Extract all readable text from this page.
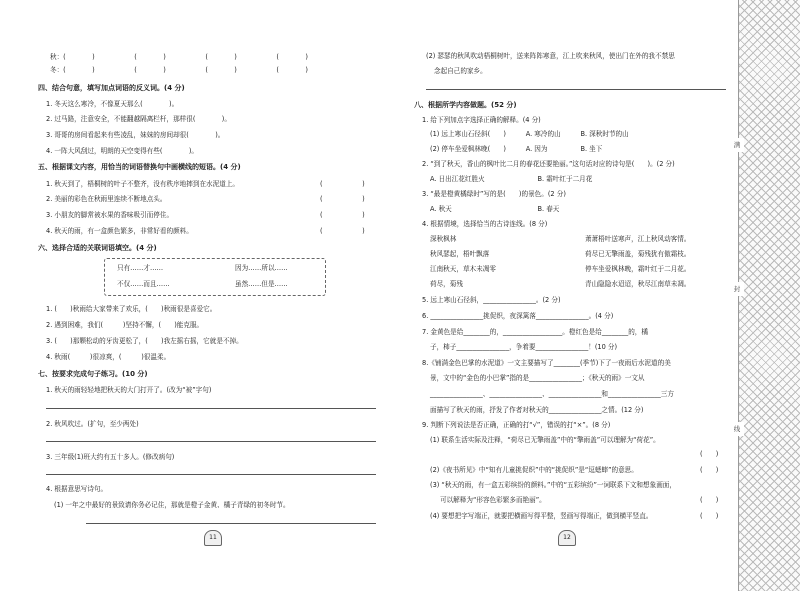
秋：(　　　　)　　　　　　(　　　　)　　　　　　(　　　　)　　　　　　(　　　　)
冬：(　　　　)　　　　　　(　　　　)　　　　　　(　　　　)　　　　　　(　　　　)
四、结合句意，填写加点词语的反义词。(4 分)
1. 冬天这么寒冷，不像夏天那么(　　　　)。
2. 过马路，注意安全，不能翻越隔离栏杆，那样很(　　　　)。
3. 哥哥的房间看起来有些凌乱，妹妹的房间却很(　　　　)。
4. 一阵大风刮过，明朗的天空变得有些(　　　　)。
五、根据课文内容，用恰当的词语替换句中画横线的短语。(4 分)
1. 秋天到了，梧桐树的叶子不整齐，没有秩序地摔到在水泥道上。	(　　　　　　)
2. 美丽的彩色在秋雨里连续不断地点头。	(　　　　　　)
3. 小朋友的脚常被水果的香味吸引而停住。	(　　　　　　)
4. 秋天的雨，有一盒颜色繁多，非常好看的颜料。	(　　　　　　)
六、选择合适的关联词语填空。(4 分)
只有……才……	因为……所以……
不仅……而且……	虽然……但是……
1. (　　)秋雨给大家带来了欢乐，(　　)秋雨很是喜爱它。
2. 遇到困难，我们(　　　)坚持不懈，(　　)能克服。
3. (　　)那颗松动的牙齿更松了，(　　)我左摇右摇，它就是不掉。
4. 秋雨(　　　)很凉爽，(　　　)很温柔。
七、按要求完成句子练习。(10 分)
1. 秋天的雨轻轻地把秋天的大门打开了。(改为“被”字句)
2. 秋风吹过。(扩句，至少两处)
3. 三年级(1)班大约有五十多人。(修改病句)
4. 根据意思写诗句。
(1) 一年之中最好的景致请你务必记住，那就是橙子金黄、橘子青绿的初冬时节。
11
(2) 瑟瑟的秋风吹动梧桐树叶，送来阵阵寒意，江上吹来秋风，使出门在外的我不禁思
念起自己的家乡。
八、根据所学内容做题。(52 分)
1. 给下列加点字选择正确的解释。(4 分)
(1) 远上寒山石径斜(　　)　　　A. 寒冷的山　　　B. 深秋时节的山
(2) 停车坐爱枫林晚(　　)　　　A. 因为　　　　　B. 坐下
2. “到了秋天，香山的枫叶比二月的春花还要艳丽。”这句话对应的诗句是(　　)。(2 分)
A. 日出江花红胜火　　　　　　　　B. 霜叶红于二月花
3. “最是橙黄橘绿时”写的是(　　)的景色。(2 分)
A. 秋天　　　　　　　　　　　　　B. 春天
4. 根据情境，选择恰当的古诗连线。(8 分)
深秋枫林	萧萧梧叶送寒声，江上秋风动客情。
秋风瑟起，梧叶飘落	荷尽已无擎雨盖，菊残犹有傲霜枝。
江南秋天，草木未凋零	停车坐爱枫林晚，霜叶红于二月花。
荷尽，菊残	青山隐隐水迢迢，秋尽江南草未凋。
5. 远上寒山石径斜，________________。(2 分)
6. ________________挑促织，夜深篱落________________。(4 分)
7. 金黄色是给________的，__________________。橙红色是给________的，橘
子，柿子________________，争着要________________！(10 分)
8.《铺满金色巴掌的水泥道》一文主要描写了________(季节)下了一夜雨后水泥道的美
景，文中的“金色的小巴掌”指的是________________；《秋天的雨》一文从
________________、________________、________________和________________三方
面描写了秋天的雨，抒发了作者对秋天的________________之情。(12 分)
9. 判断下列说法是否正确，正确的打“√”，错误的打“×”。(8 分)
(1) 联系生活实际及注释，“荷尽已无擎雨盖”中的“擎雨盖”可以理解为“荷花”。
(　　)
(2)《夜书所见》中“知有儿童挑促织”中的“挑促织”是“逗蟋蟀”的意思。	(　　)
(3) “秋天的雨，有一盒五彩缤纷的颜料。”中的“五彩缤纷”一词联系下文和想象画面，
可以解释为“形容色彩繁多而艳丽”。	(　　)
(4) 要想把字写端正，就要把横画写得平整，竖画写得端正，做到横平竖直。	(　　)
12
满
封
线
